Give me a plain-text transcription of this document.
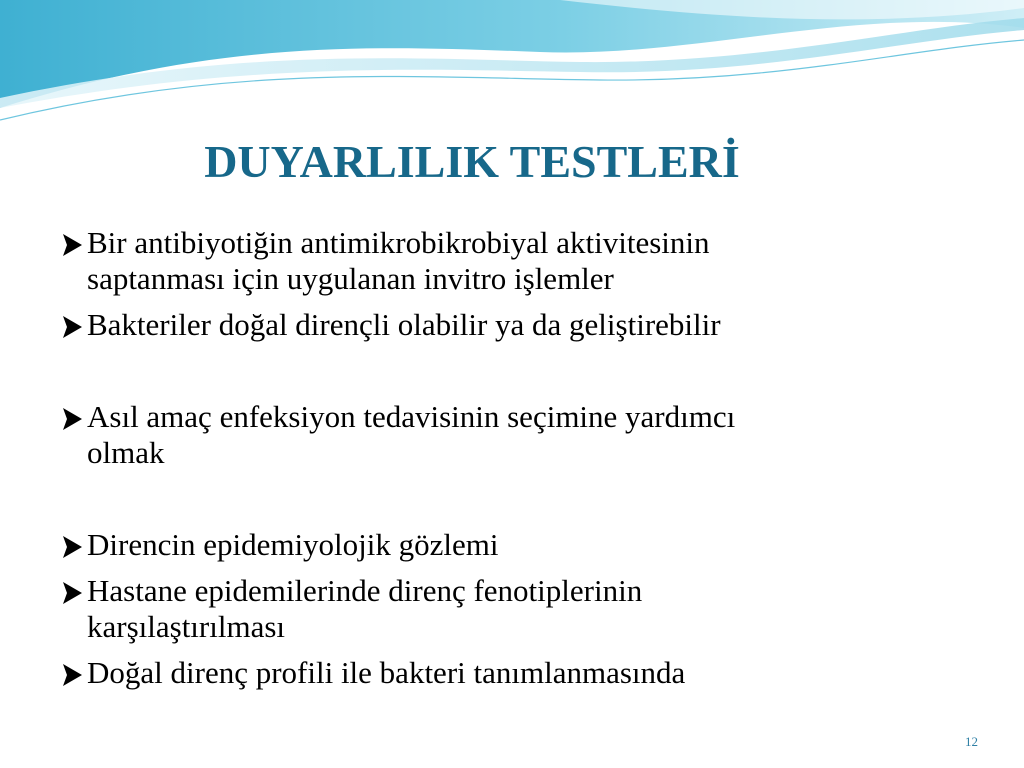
DUYARLILIK TESTLERİ
Bir antibiyotiğin antimikrobikrobiyal aktivitesinin
saptanması için uygulanan invitro işlemler
Bakteriler doğal dirençli olabilir ya da geliştirebilir
Asıl amaç enfeksiyon tedavisinin seçimine yardımcı
olmak
Direncin epidemiyolojik gözlemi
Hastane epidemilerinde direnç fenotiplerinin
karşılaştırılması
Doğal direnç profili ile bakteri tanımlanmasında
12
